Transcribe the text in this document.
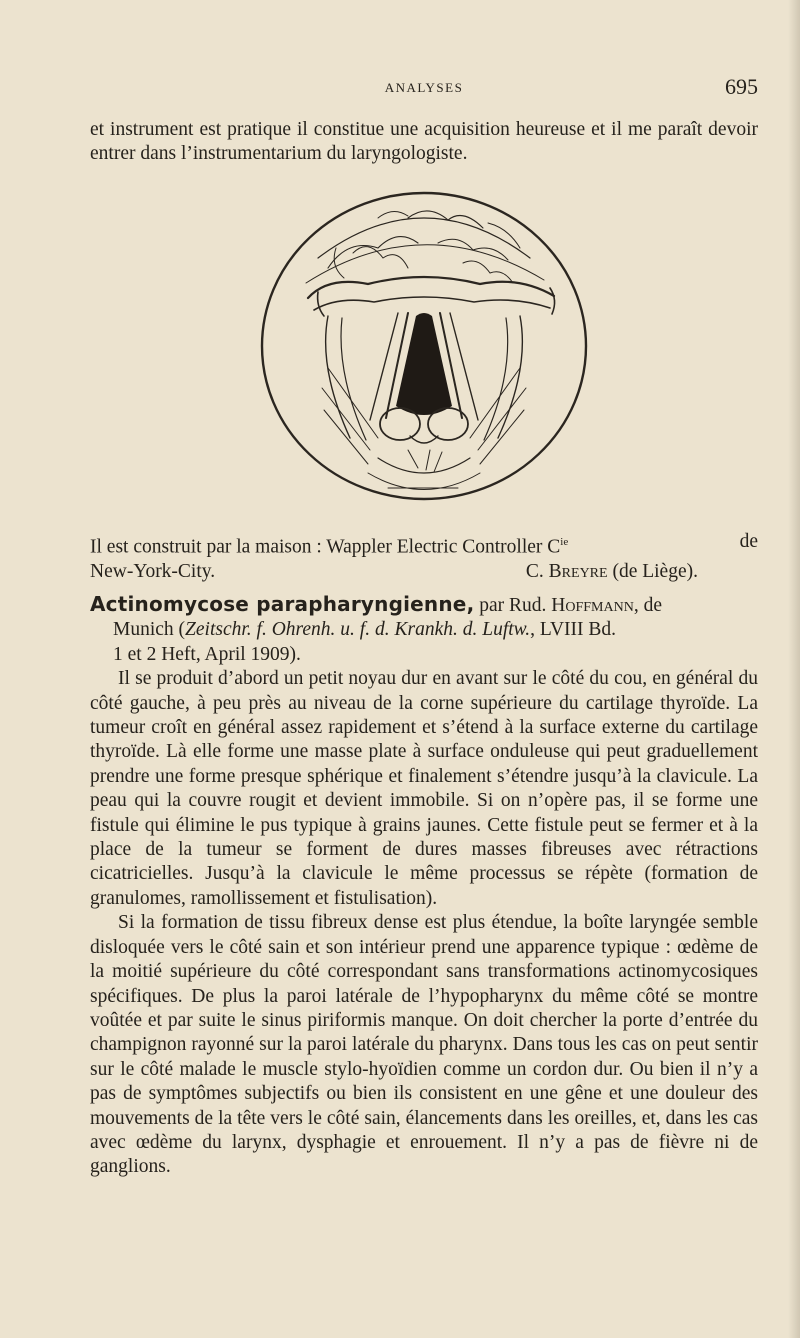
ANALYSES	695

et instrument est pratique il constitue une acquisition heureuse et il me paraît devoir entrer dans l’instrumentarium du laryngologiste.

Il est construit par la maison : Wappler Electric Controller $C^{ie}$	de
New-York-City.	C. Breyre (de Liège).

Actinomycose parapharyngienne, par Rud. Hoffmann, de

Munich (Zeitschr. f. Ohrenh. u. f. d. Krankh. d. Luftw., LVIII Bd.

1 et 2 Heft, April 1909).

Il se produit d’abord un petit noyau dur en avant sur le côté du cou, en général du côté gauche, à peu près au niveau de la corne supérieure du cartilage thyroïde. La tumeur croît en général assez rapidement et s’étend à la surface externe du cartilage thyroïde. Là elle forme une masse plate à surface onduleuse qui peut graduellement prendre une forme presque sphérique et finalement s’étendre jusqu’à la clavicule. La peau qui la couvre rougit et devient immobile. Si on n’opère pas, il se forme une fistule qui élimine le pus typique à grains jaunes. Cette fistule peut se fermer et à la place de la tumeur se forment de dures masses fibreuses avec rétractions cicatricielles. Jusqu’à la clavicule le même processus se répète (formation de granulomes, ramollissement et fistulisation).

Si la formation de tissu fibreux dense est plus étendue, la boîte laryngée semble disloquée vers le côté sain et son intérieur prend une apparence typique : œdème de la moitié supérieure du côté correspondant sans transformations actinomycosiques spécifiques. De plus la paroi latérale de l’hypopharynx du même côté se montre voûtée et par suite le sinus piriformis manque. On doit chercher la porte d’entrée du champignon rayonné sur la paroi latérale du pharynx. Dans tous les cas on peut sentir sur le côté malade le muscle stylo-hyoïdien comme un cordon dur. Ou bien il n’y a pas de symptômes subjectifs ou bien ils consistent en une gêne et une douleur des mouvements de la tête vers le côté sain, élancements dans les oreilles, et, dans les cas avec œdème du larynx, dysphagie et enrouement. Il n’y a pas de fièvre ni de ganglions.
